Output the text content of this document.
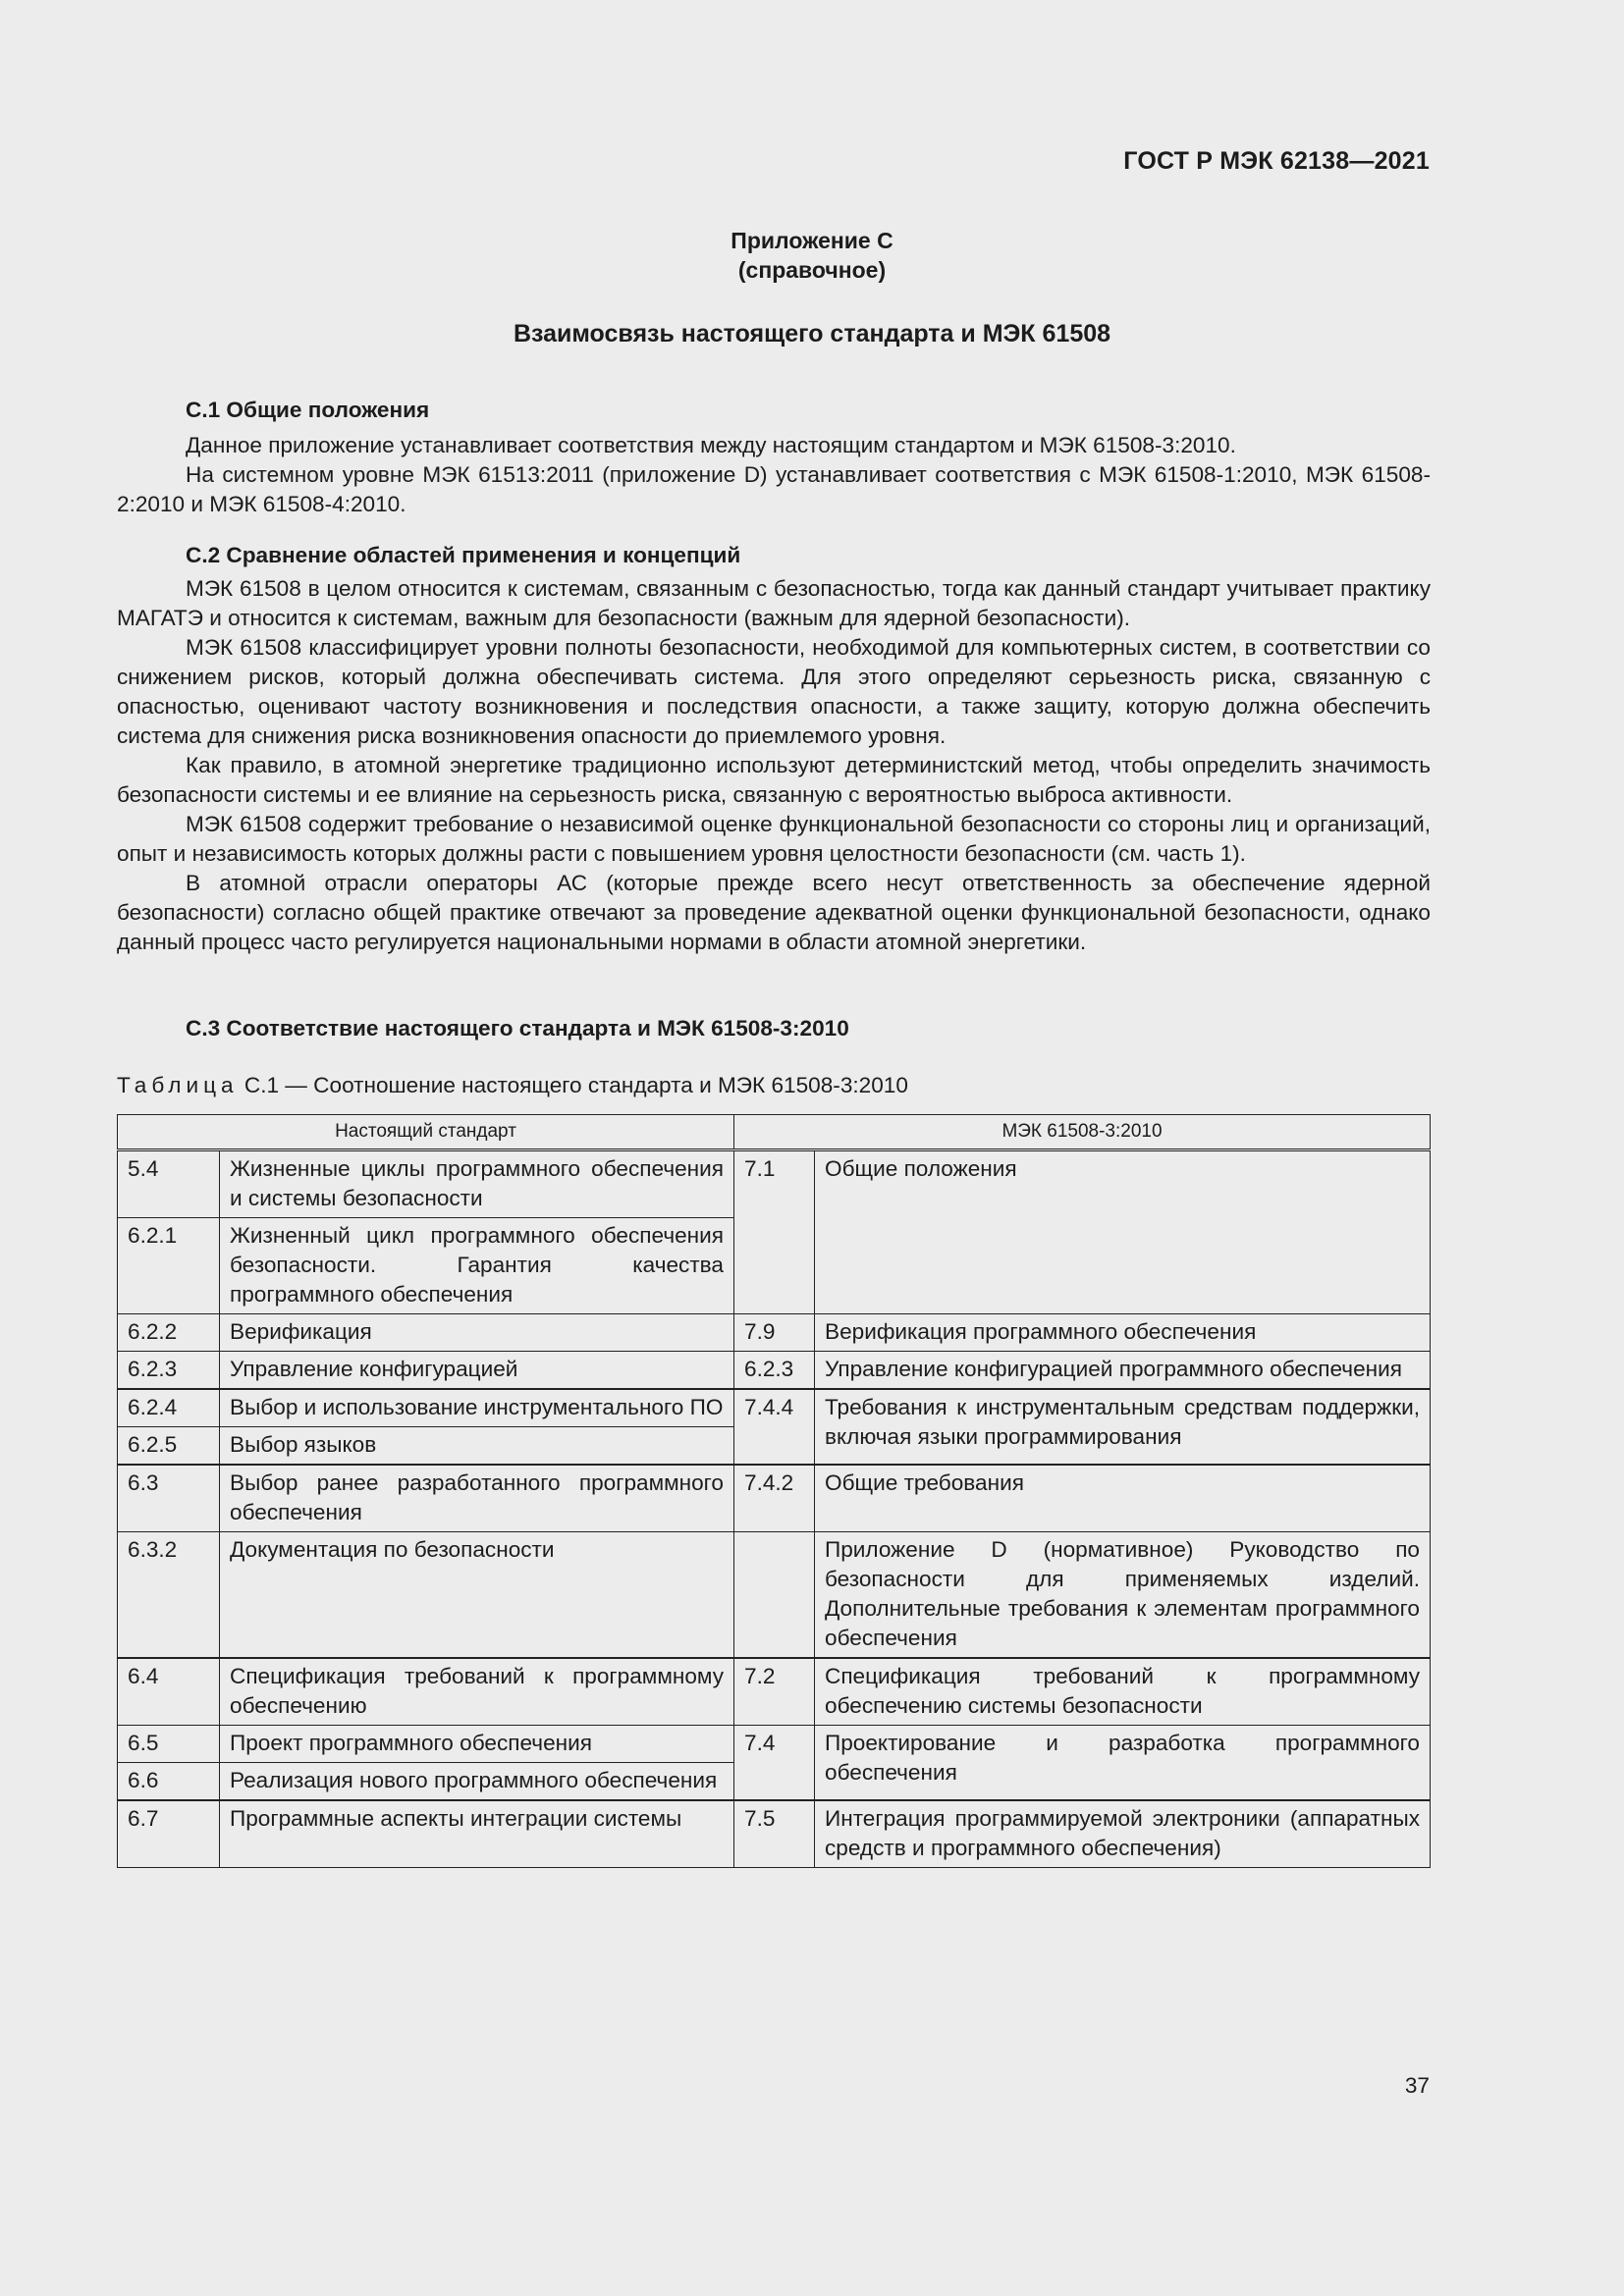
ГОСТ Р МЭК 62138—2021
Приложение C
(справочное)
Взаимосвязь настоящего стандарта и МЭК 61508

C.1 Общие положения

Данное приложение устанавливает соответствия между настоящим стандартом и МЭК 61508-3:2010.

На системном уровне МЭК 61513:2011 (приложение D) устанавливает соответствия с МЭК 61508-1:2010, МЭК 61508-2:2010 и МЭК 61508-4:2010.

C.2 Сравнение областей применения и концепций

МЭК 61508 в целом относится к системам, связанным с безопасностью, тогда как данный стандарт учитывает практику МАГАТЭ и относится к системам, важным для безопасности (важным для ядерной безопасности).

МЭК 61508 классифицирует уровни полноты безопасности, необходимой для компьютерных систем, в соответствии со снижением рисков, который должна обеспечивать система. Для этого определяют серьезность риска, связанную с опасностью, оценивают частоту возникновения и последствия опасности, а также защиту, которую должна обеспечить система для снижения риска возникновения опасности до приемлемого уровня.

Как правило, в атомной энергетике традиционно используют детерминистский метод, чтобы определить значимость безопасности системы и ее влияние на серьезность риска, связанную с вероятностью выброса активности.

МЭК 61508 содержит требование о независимой оценке функциональной безопасности со стороны лиц и организаций, опыт и независимость которых должны расти с повышением уровня целостности безопасности (см. часть 1).

В атомной отрасли операторы АС (которые прежде всего несут ответственность за обеспечение ядерной безопасности) согласно общей практике отвечают за проведение адекватной оценки функциональной безопасности, однако данный процесс часто регулируется национальными нормами в области атомной энергетики.

C.3 Соответствие настоящего стандарта и МЭК 61508-3:2010

Таблица C.1 — Соотношение настоящего стандарта и МЭК 61508-3:2010
Настоящий стандарт		МЭК 61508-3:2010	
5.4	Жизненные циклы программного обеспечения и системы безопасности	7.1	Общие положения
6.2.1	Жизненный цикл программного обеспечения безопасности. Гарантия качества программного обеспечения		
6.2.2	Верификация	7.9	Верификация программного обеспечения
6.2.3	Управление конфигурацией	6.2.3	Управление конфигурацией программного обеспечения
6.2.4	Выбор и использование инструментального ПО	7.4.4	Требования к инструментальным средствам поддержки, включая языки программирования
6.2.5	Выбор языков		
6.3	Выбор ранее разработанного программного обеспечения	7.4.2	Общие требования
6.3.2	Документация по безопасности		Приложение D (нормативное) Руководство по безопасности для применяемых изделий. Дополнительные требования к элементам программного обеспечения
6.4	Спецификация требований к программному обеспечению	7.2	Спецификация требований к программному обеспечению системы безопасности
6.5	Проект программного обеспечения	7.4	Проектирование и разработка программного обеспечения
6.6	Реализация нового программного обеспечения		
6.7	Программные аспекты интеграции системы	7.5	Интеграция программируемой электроники (аппаратных средств и программного обеспечения)
37
